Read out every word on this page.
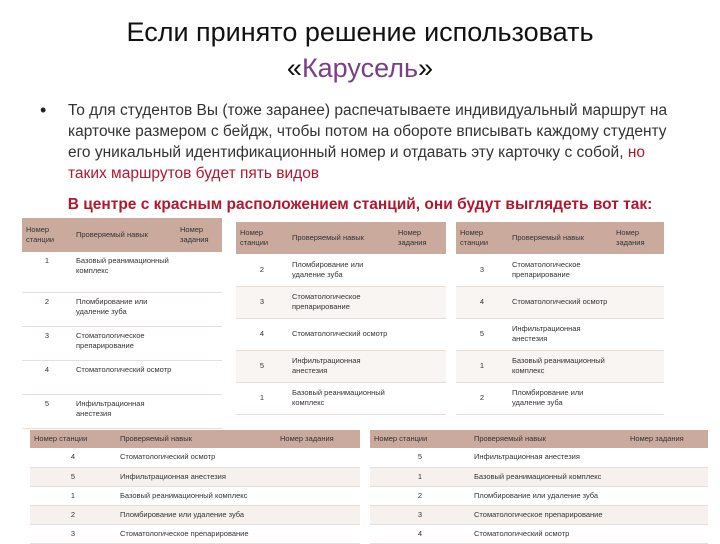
Если принято решение использовать
«Карусель»
• То для студентов Вы (тоже заранее) распечатываете индивидуальный маршрут на карточке размером с бейдж, чтобы потом на обороте вписывать каждому студенту его уникальный идентификационный номер и отдавать эту карточку с собой, но таких маршрутов будет пять видов
В центре с красным расположением станций, они будут выглядеть вот так:
Номер станции	Проверяемый навык	Номер задания
1	Базовый реанимационный комплекс	
2	Пломбирование или удаление зуба	
3	Стоматологическое препарирование	
4	Стоматологический осмотр	
5	Инфильтрационная анестезия	
Номер станции	Проверяемый навык	Номер задания
2	Пломбирование или удаление зуба	
3	Стоматологическое препарирование	
4	Стоматологический осмотр	
5	Инфильтрационная анестезия	
1	Базовый реанимационный комплекс	
Номер станции	Проверяемый навык	Номер задания
3	Стоматологическое препарирование	
4	Стоматологический осмотр	
5	Инфильтрационная анестезия	
1	Базовый реанимационный комплекс	
2	Пломбирование или удаление зуба	
Номер станции	Проверяемый навык	Номер задания
4	Стоматологический осмотр	
5	Инфильтрационная анестезия	
1	Базовый реанимационный комплекс	
2	Пломбирование или удаление зуба	
3	Стоматологическое препарирование	
Номер станции	Проверяемый навык	Номер задания
5	Инфильтрационная анестезия	
1	Базовый реанимационный комплекс	
2	Пломбирование или удаление зуба	
3	Стоматологическое препарирование	
4	Стоматологический осмотр	
